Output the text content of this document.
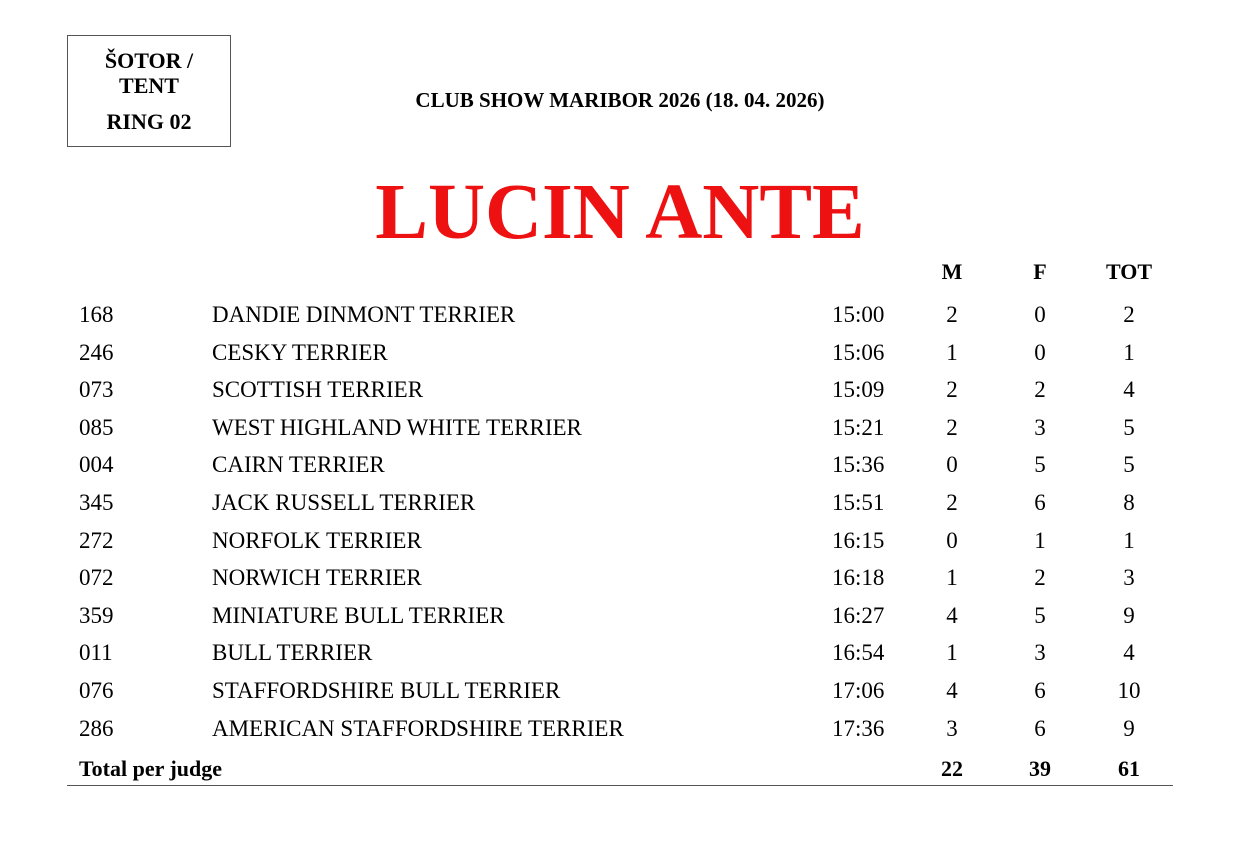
ŠOTOR /
TENT
RING 02
CLUB SHOW MARIBOR 2026 (18. 04. 2026)
LUCIN ANTE
M	F	TOT
168	DANDIE DINMONT TERRIER	15:00	2	0	2
246	CESKY TERRIER	15:06	1	0	1
073	SCOTTISH TERRIER	15:09	2	2	4
085	WEST HIGHLAND WHITE TERRIER	15:21	2	3	5
004	CAIRN TERRIER	15:36	0	5	5
345	JACK RUSSELL TERRIER	15:51	2	6	8
272	NORFOLK TERRIER	16:15	0	1	1
072	NORWICH TERRIER	16:18	1	2	3
359	MINIATURE BULL TERRIER	16:27	4	5	9
011	BULL TERRIER	16:54	1	3	4
076	STAFFORDSHIRE BULL TERRIER	17:06	4	6	10
286	AMERICAN STAFFORDSHIRE TERRIER	17:36	3	6	9
Total per judge	22	39	61
